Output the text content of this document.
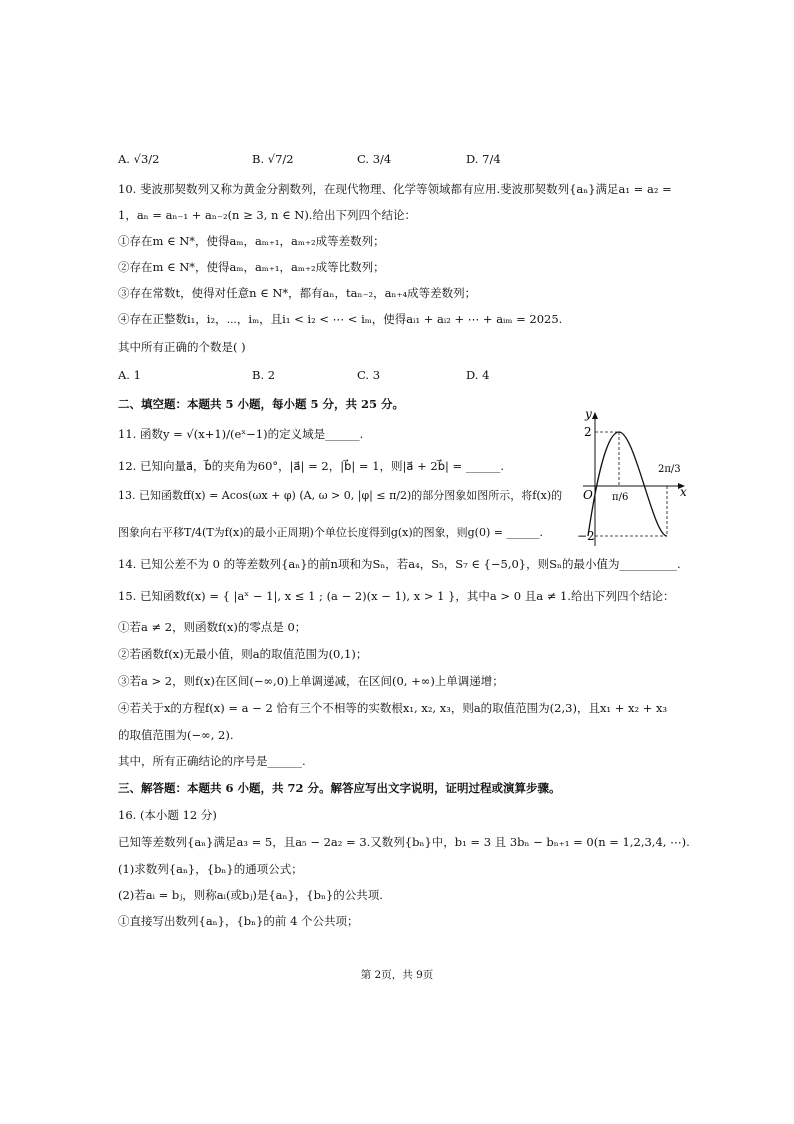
A. √3/2	B. √7/2	C. 3/4	D. 7/4
10. 斐波那契数列又称为黄金分割数列，在现代物理、化学等领域都有应用.斐波那契数列{aₙ}满足a₁ = a₂ =
1，aₙ = aₙ₋₁ + aₙ₋₂(n ≥ 3, n ∈ N).给出下列四个结论：
①存在m ∈ N*，使得aₘ，aₘ₊₁，aₘ₊₂成等差数列；
②存在m ∈ N*，使得aₘ，aₘ₊₁，aₘ₊₂成等比数列；
③存在常数t，使得对任意n ∈ N*，都有aₙ，taₙ₋₂，aₙ₊₄成等差数列；
④存在正整数i₁，i₂，⋯，iₘ，且i₁ < i₂ < ⋯ < iₘ，使得aᵢ₁ + aᵢ₂ + ⋯ + aᵢₘ = 2025.
其中所有正确的个数是( )
A. 1	B. 2	C. 3	D. 4
二、填空题：本题共 5 小题，每小题 5 分，共 25 分。
11. 函数y = √(x+1)/(eˣ−1)的定义域是______.
12. 已知向量a⃗，b⃗的夹角为60°，|a⃗| = 2，|b⃗| = 1，则|a⃗ + 2b⃗| = ______.
13. 已知函数ff(x) = Acos(ωx + φ) (A, ω > 0, |φ| ≤ π/2)的部分图象如图所示，将f(x)的
图象向右平移T/4(T为f(x)的最小正周期)个单位长度得到g(x)的图象，则g(0) = ______.
y
x
O
2
−2
π/6
2π/3
14. 已知公差不为 0 的等差数列{aₙ}的前n项和为Sₙ，若a₄，S₅，S₇ ∈ {−5,0}，则Sₙ的最小值为__________.
15. 已知函数f(x) = { |aˣ − 1|, x ≤ 1 ; (a − 2)(x − 1), x > 1 }，其中a > 0 且a ≠ 1.给出下列四个结论：
①若a ≠ 2，则函数f(x)的零点是 0；
②若函数f(x)无最小值，则a的取值范围为(0,1)；
③若a > 2，则f(x)在区间(−∞,0)上单调递减，在区间(0, +∞)上单调递增；
④若关于x的方程f(x) = a − 2 恰有三个不相等的实数根x₁, x₂, x₃，则a的取值范围为(2,3)，且x₁ + x₂ + x₃
的取值范围为(−∞, 2).
其中，所有正确结论的序号是______.
三、解答题：本题共 6 小题，共 72 分。解答应写出文字说明，证明过程或演算步骤。
16. (本小题 12 分)
已知等差数列{aₙ}满足a₃ = 5，且a₅ − 2a₂ = 3.又数列{bₙ}中，b₁ = 3 且 3bₙ − bₙ₊₁ = 0(n = 1,2,3,4, ⋯).
(1)求数列{aₙ}，{bₙ}的通项公式；
(2)若aᵢ = bⱼ，则称aᵢ(或bⱼ)是{aₙ}，{bₙ}的公共项.
①直接写出数列{aₙ}，{bₙ}的前 4 个公共项；
第 2页，共 9页
